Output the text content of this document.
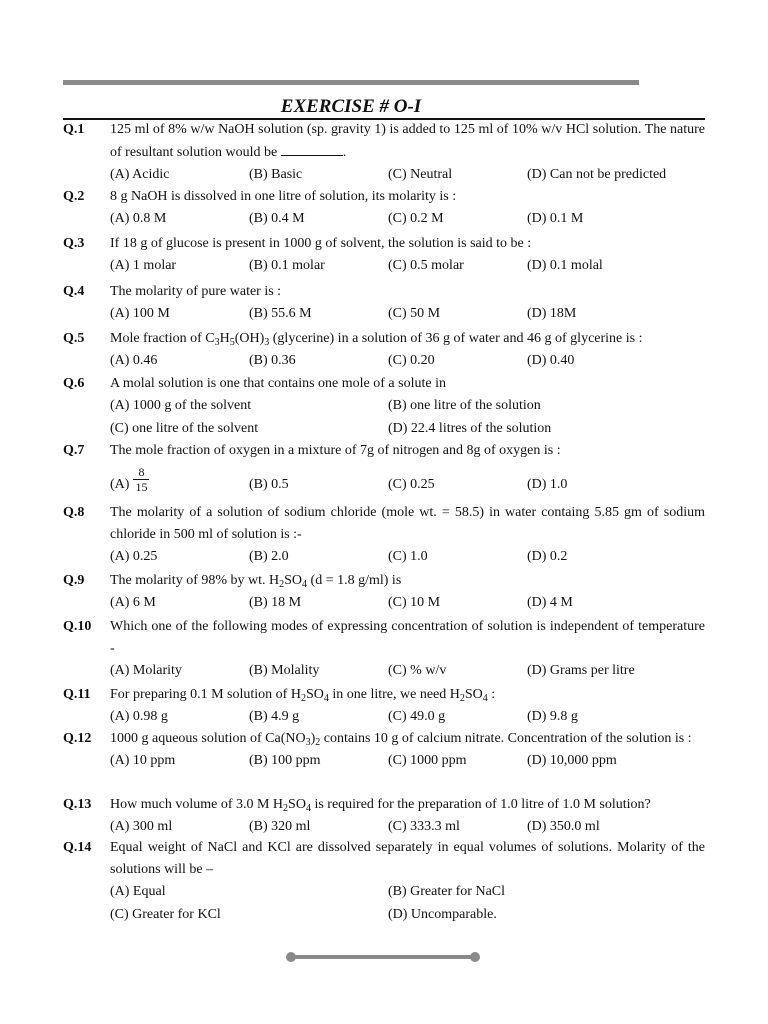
EXERCISE # O-I
Q.1 125 ml of 8% w/w NaOH solution (sp. gravity 1) is added to 125 ml of 10% w/v HCl solution. The nature of resultant solution would be	.
(A) Acidic	(B) Basic	(C) Neutral	(D) Can not be predicted
Q.2 8 g NaOH is dissolved in one litre of solution, its molarity is :
(A) 0.8 M	(B) 0.4 M	(C) 0.2 M	(D) 0.1 M
Q.3 If 18 g of glucose is present in 1000 g of solvent, the solution is said to be :
(A) 1 molar	(B) 0.1 molar	(C) 0.5 molar	(D) 0.1 molal
Q.4 The molarity of pure water is :
(A) 100 M	(B) 55.6 M	(C) 50 M	(D) 18M
Q.5 Mole fraction of $C_3H_5(OH)_3$ (glycerine) in a solution of 36 g of water and 46 g of glycerine is :
(A) 0.46	(B) 0.36	(C) 0.20	(D) 0.40
Q.6 A molal solution is one that contains one mole of a solute in
(A) 1000 g of the solvent	(B) one litre of the solution
(C) one litre of the solvent	(D) 22.4 litres of the solution
Q.7 The mole fraction of oxygen in a mixture of 7g of nitrogen and 8g of oxygen is :
$(A) \frac{8}{15}$	(B) 0.5	(C) 0.25	(D) 1.0
Q.8 The molarity of a solution of sodium chloride (mole wt. = 58.5) in water containg 5.85 gm of sodium chloride in 500 ml of solution is :-
(A) 0.25	(B) 2.0	(C) 1.0	(D) 0.2
Q.9 The molarity of 98% by wt. $H_2SO_4$ (d = 1.8 g/ml) is
(A) 6 M	(B) 18 M	(C) 10 M	(D) 4 M
Q.10 Which one of the following modes of expressing concentration of solution is independent of temperature -
(A) Molarity	(B) Molality	(C) % w/v	(D) Grams per litre
Q.11 For preparing 0.1 M solution of $H_2SO_4$ in one litre, we need $H_2SO_4$ :
(A) 0.98 g	(B) 4.9 g	(C) 49.0 g	(D) 9.8 g
Q.12 1000 g aqueous solution of $Ca(NO_3)_2$ contains 10 g of calcium nitrate. Concentration of the solution is :
(A) 10 ppm	(B) 100 ppm	(C) 1000 ppm	(D) 10,000 ppm
Q.13 How much volume of 3.0 M $H_2SO_4$ is required for the preparation of 1.0 litre of 1.0 M solution?
(A) 300 ml	(B) 320 ml	(C) 333.3 ml	(D) 350.0 ml
Q.14 Equal weight of NaCl and KCl are dissolved separately in equal volumes of solutions. Molarity of the solutions will be –
(A) Equal	(B) Greater for NaCl
(C) Greater for KCl	(D) Uncomparable.
